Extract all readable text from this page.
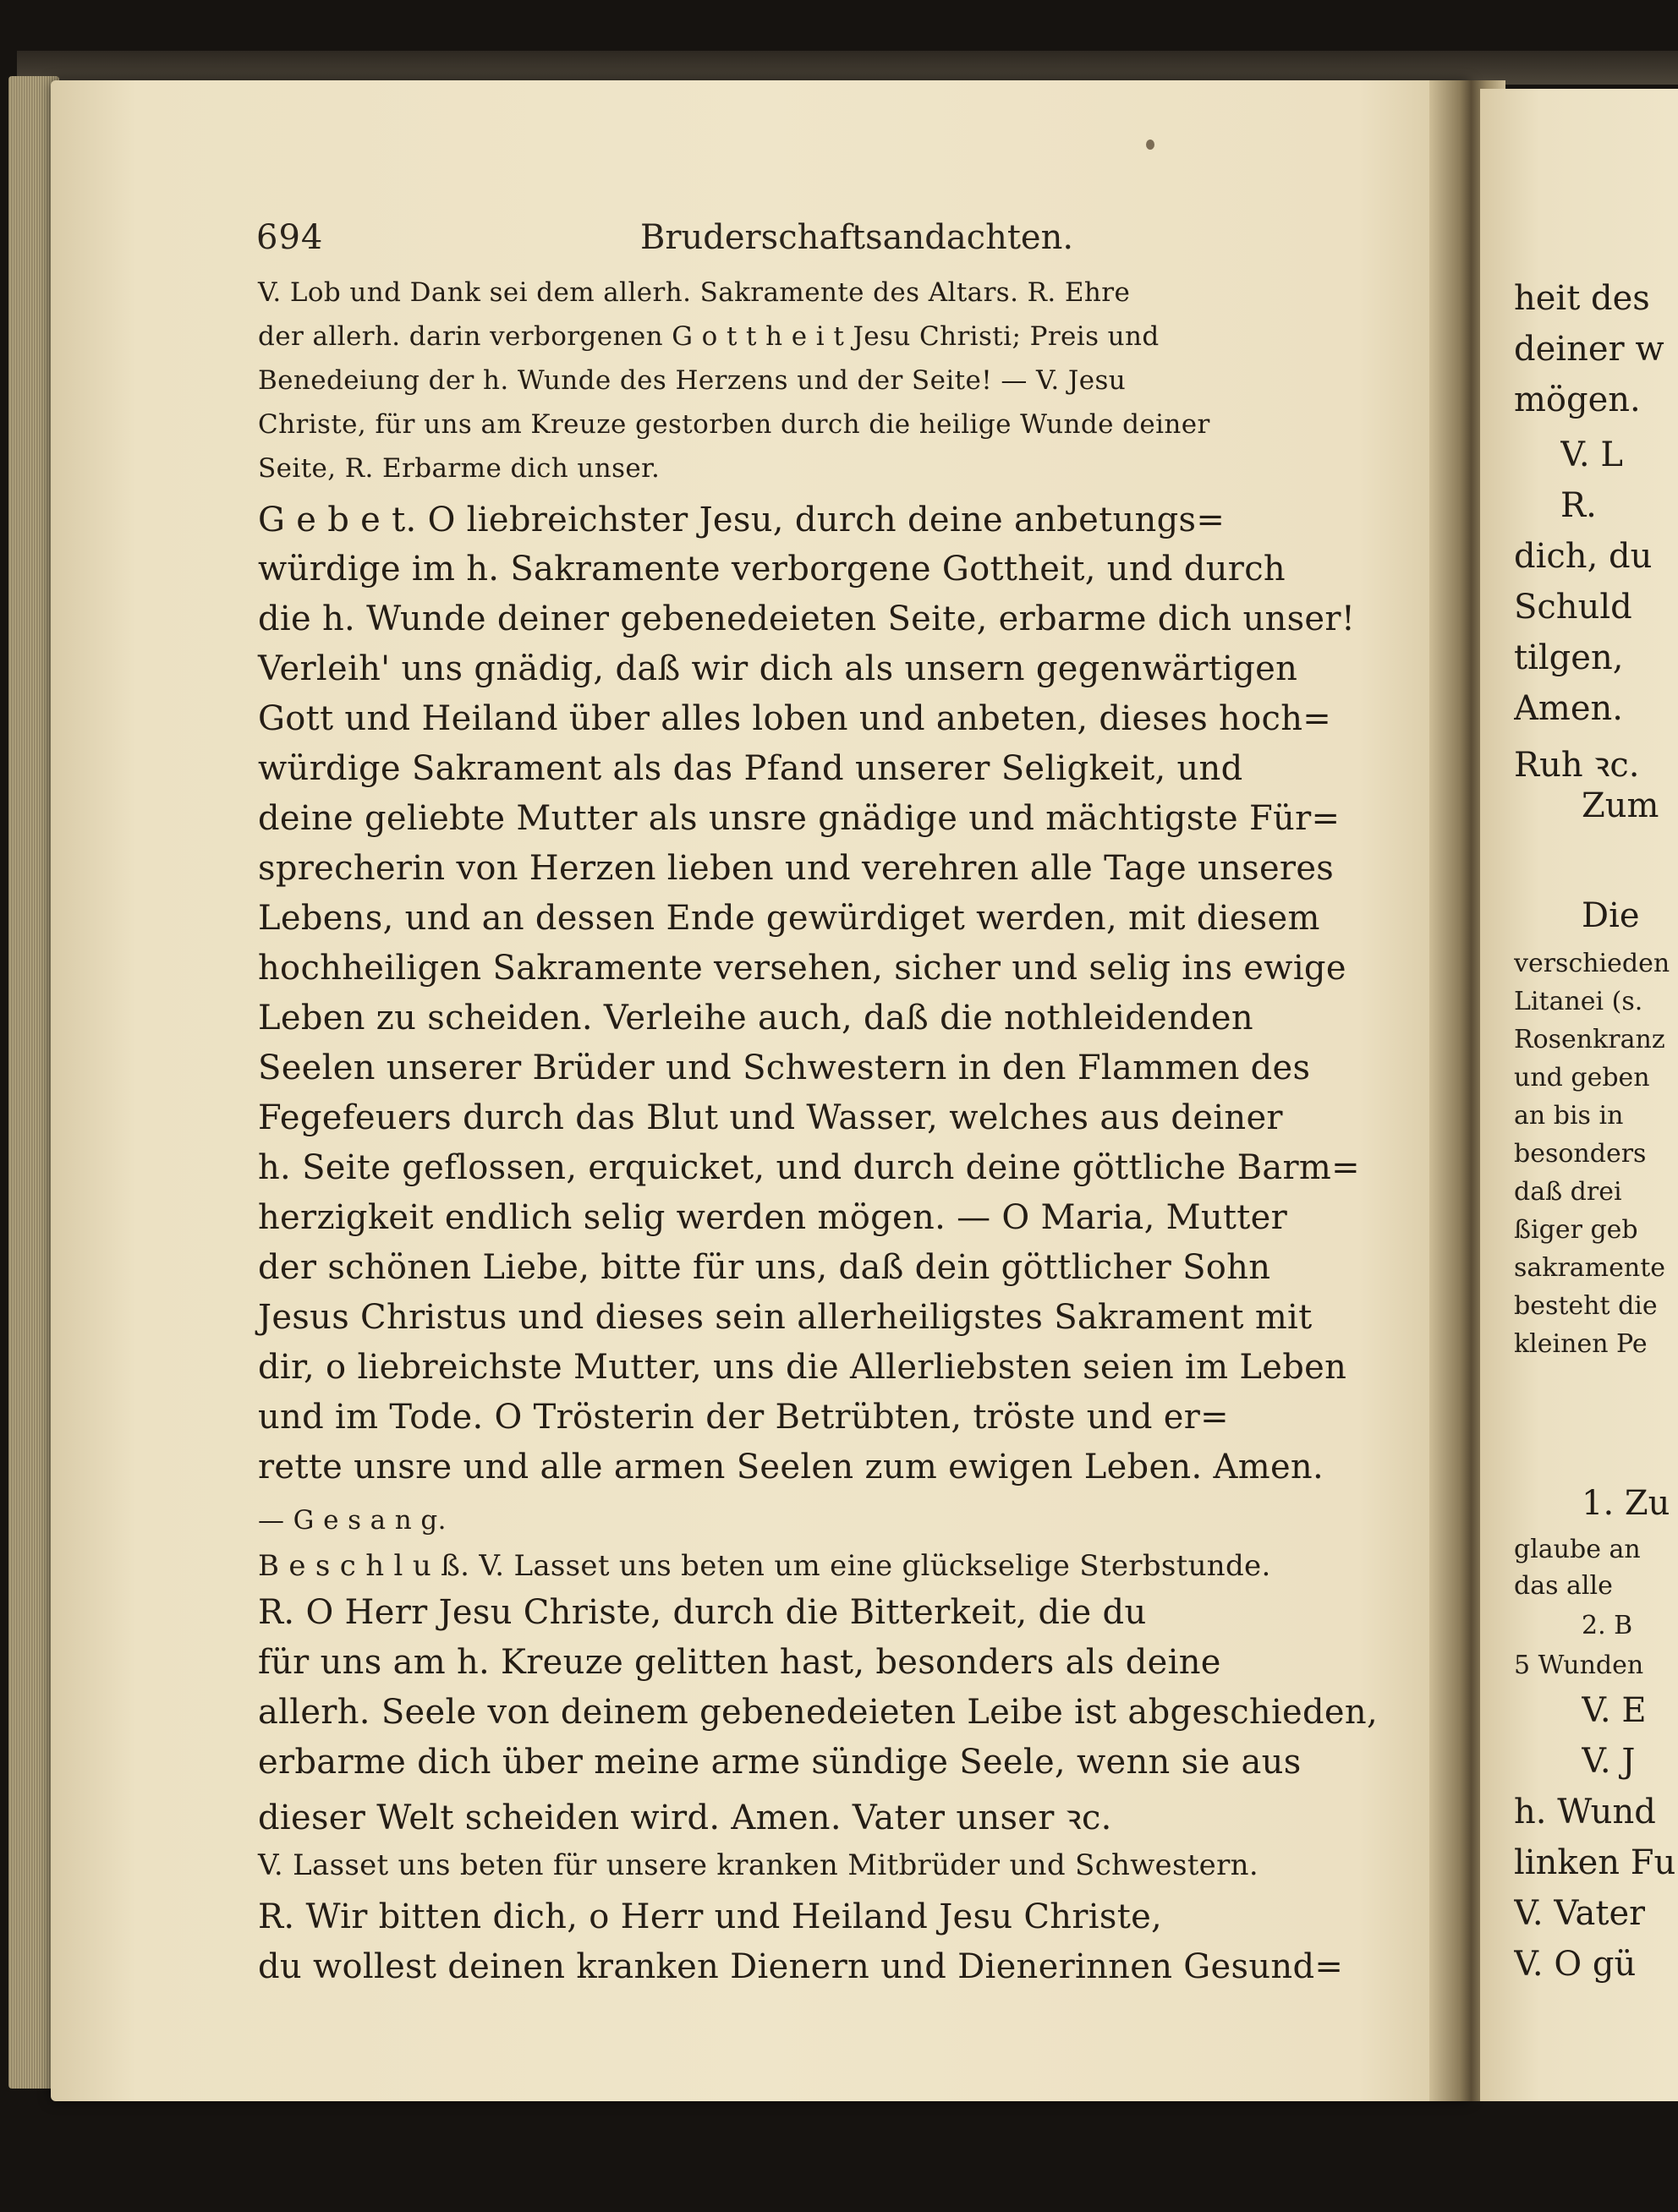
694	Bruderschaftsandachten.
V. Lob und Dank sei dem allerh. Sakramente des Altars. R. Ehre
der allerh. darin verborgenen G o t t h e i t Jesu Christi; Preis und
Benedeiung der h. Wunde des Herzens und der Seite! — V. Jesu
Christe, für uns am Kreuze gestorben durch die heilige Wunde deiner
Seite, R. Erbarme dich unser.
G e b e t. O liebreichster Jesu, durch deine anbetungs=
würdige im h. Sakramente verborgene Gottheit, und durch
die h. Wunde deiner gebenedeieten Seite, erbarme dich unser!
Verleih' uns gnädig, daß wir dich als unsern gegenwärtigen
Gott und Heiland über alles loben und anbeten, dieses hoch=
würdige Sakrament als das Pfand unserer Seligkeit, und
deine geliebte Mutter als unsre gnädige und mächtigste Für=
sprecherin von Herzen lieben und verehren alle Tage unseres
Lebens, und an dessen Ende gewürdiget werden, mit diesem
hochheiligen Sakramente versehen, sicher und selig ins ewige
Leben zu scheiden. Verleihe auch, daß die nothleidenden
Seelen unserer Brüder und Schwestern in den Flammen des
Fegefeuers durch das Blut und Wasser, welches aus deiner
h. Seite geflossen, erquicket, und durch deine göttliche Barm=
herzigkeit endlich selig werden mögen. — O Maria, Mutter
der schönen Liebe, bitte für uns, daß dein göttlicher Sohn
Jesus Christus und dieses sein allerheiligstes Sakrament mit
dir, o liebreichste Mutter, uns die Allerliebsten seien im Leben
und im Tode. O Trösterin der Betrübten, tröste und er=
rette unsre und alle armen Seelen zum ewigen Leben. Amen.
— G e s a n g.
B e s c h l u ß. V. Lasset uns beten um eine glückselige Sterbstunde.
R. O Herr Jesu Christe, durch die Bitterkeit, die du
für uns am h. Kreuze gelitten hast, besonders als deine
allerh. Seele von deinem gebenedeieten Leibe ist abgeschieden,
erbarme dich über meine arme sündige Seele, wenn sie aus
dieser Welt scheiden wird. Amen. Vater unser ꝛc.
V. Lasset uns beten für unsere kranken Mitbrüder und Schwestern.
R. Wir bitten dich, o Herr und Heiland Jesu Christe,
du wollest deinen kranken Dienern und Dienerinnen Gesund=
heit des
deiner w
mögen.
V. L
R.
dich, du
Schuld
tilgen,
Amen.
Ruh ꝛc.
Zum
Die
verschieden
Litanei (s.
Rosenkranz
und geben
an bis in
besonders
daß drei
ßiger geb
sakramente
besteht die
kleinen Pe
1. Zu
glaube an
das alle
2. B
5 Wunden
V. E
V. J
h. Wund
linken Fu
V. Vater
V. O gü
